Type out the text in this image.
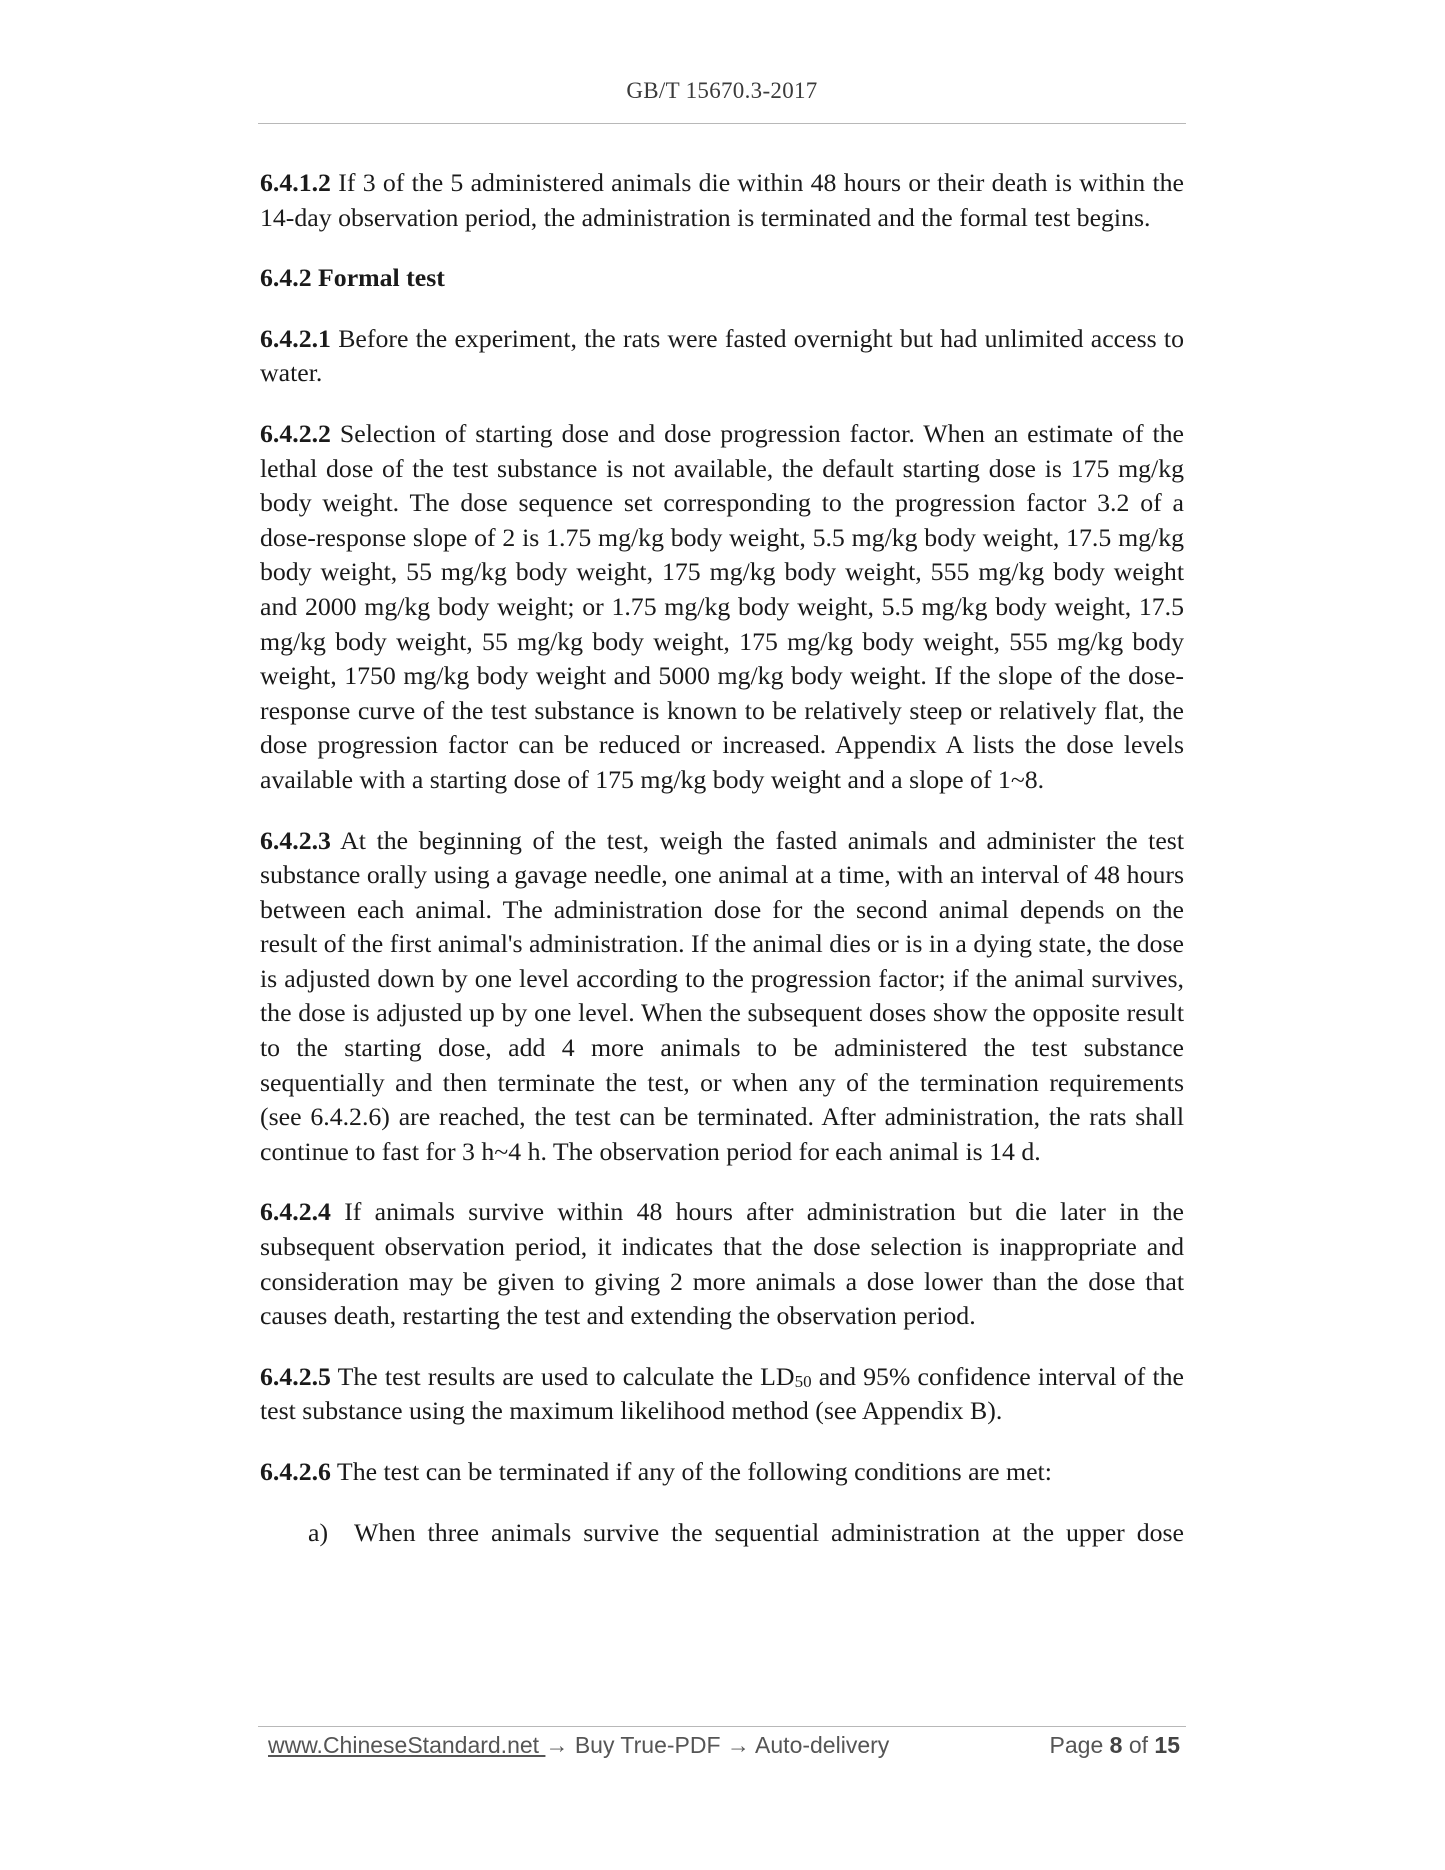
GB/T 15670.3-2017

6.4.1.2 If 3 of the 5 administered animals die within 48 hours or their death is within the 14-day observation period, the administration is terminated and the formal test begins.

6.4.2 Formal test

6.4.2.1 Before the experiment, the rats were fasted overnight but had unlimited access to water.

6.4.2.2 Selection of starting dose and dose progression factor. When an estimate of the lethal dose of the test substance is not available, the default starting dose is 175 mg/kg body weight. The dose sequence set corresponding to the progression factor 3.2 of a dose-response slope of 2 is 1.75 mg/kg body weight, 5.5 mg/kg body weight, 17.5 mg/kg body weight, 55 mg/kg body weight, 175 mg/kg body weight, 555 mg/kg body weight and 2000 mg/kg body weight; or 1.75 mg/kg body weight, 5.5 mg/kg body weight, 17.5 mg/kg body weight, 55 mg/kg body weight, 175 mg/kg body weight, 555 mg/kg body weight, 1750 mg/kg body weight and 5000 mg/kg body weight. If the slope of the dose-response curve of the test substance is known to be relatively steep or relatively flat, the dose progression factor can be reduced or increased. Appendix A lists the dose levels available with a starting dose of 175 mg/kg body weight and a slope of 1~8.

6.4.2.3 At the beginning of the test, weigh the fasted animals and administer the test substance orally using a gavage needle, one animal at a time, with an interval of 48 hours between each animal. The administration dose for the second animal depends on the result of the first animal's administration. If the animal dies or is in a dying state, the dose is adjusted down by one level according to the progression factor; if the animal survives, the dose is adjusted up by one level. When the subsequent doses show the opposite result to the starting dose, add 4 more animals to be administered the test substance sequentially and then terminate the test, or when any of the termination requirements (see 6.4.2.6) are reached, the test can be terminated. After administration, the rats shall continue to fast for 3 h~4 h. The observation period for each animal is 14 d.

6.4.2.4 If animals survive within 48 hours after administration but die later in the subsequent observation period, it indicates that the dose selection is inappropriate and consideration may be given to giving 2 more animals a dose lower than the dose that causes death, restarting the test and extending the observation period.

6.4.2.5 The test results are used to calculate the $LD_{50}$ and 95% confidence interval of the test substance using the maximum likelihood method (see Appendix B).

6.4.2.6 The test can be terminated if any of the following conditions are met:

a)	When three animals survive the sequential administration at the upper dose
www.ChineseStandard.net → Buy True-PDF → Auto-delivery	Page 8 of 15
